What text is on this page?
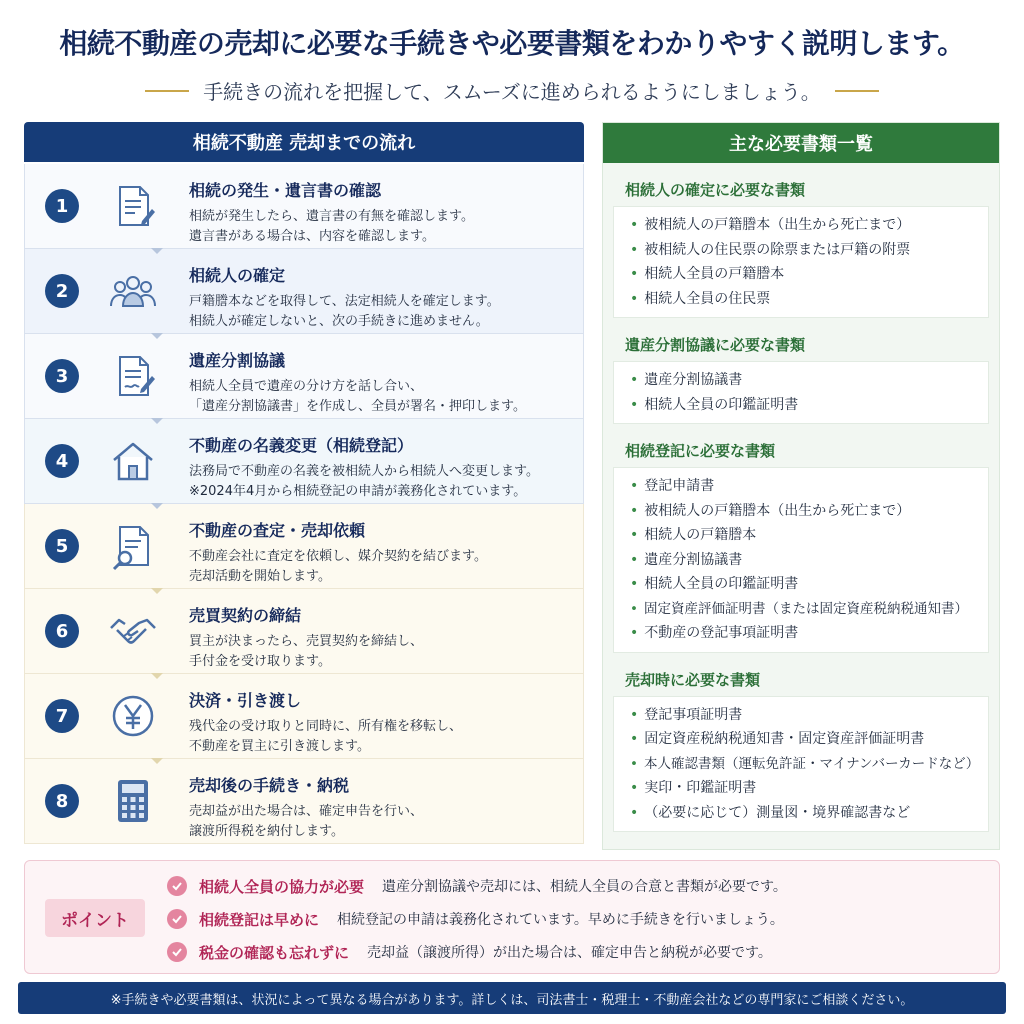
相続不動産の売却に必要な手続きや必要書類をわかりやすく説明します。
手続きの流れを把握して、スムーズに進められるようにしましょう。
相続不動産 売却までの流れ
1
相続の発生・遺言書の確認
相続が発生したら、遺言書の有無を確認します。
遺言書がある場合は、内容を確認します。
2
相続人の確定
戸籍謄本などを取得して、法定相続人を確定します。
相続人が確定しないと、次の手続きに進めません。
3
遺産分割協議
相続人全員で遺産の分け方を話し合い、
「遺産分割協議書」を作成し、全員が署名・押印します。
4
不動産の名義変更（相続登記）
法務局で不動産の名義を被相続人から相続人へ変更します。
※2024年4月から相続登記の申請が義務化されています。
5
不動産の査定・売却依頼
不動産会社に査定を依頼し、媒介契約を結びます。
売却活動を開始します。
6
売買契約の締結
買主が決まったら、売買契約を締結し、
手付金を受け取ります。
7
決済・引き渡し
残代金の受け取りと同時に、所有権を移転し、
不動産を買主に引き渡します。
8
売却後の手続き・納税
売却益が出た場合は、確定申告を行い、
譲渡所得税を納付します。
主な必要書類一覧
相続人の確定に必要な書類
• 被相続人の戸籍謄本（出生から死亡まで）
• 被相続人の住民票の除票または戸籍の附票
• 相続人全員の戸籍謄本
• 相続人全員の住民票
遺産分割協議に必要な書類
• 遺産分割協議書
• 相続人全員の印鑑証明書
相続登記に必要な書類
• 登記申請書
• 被相続人の戸籍謄本（出生から死亡まで）
• 相続人の戸籍謄本
• 遺産分割協議書
• 相続人全員の印鑑証明書
• 固定資産評価証明書（または固定資産税納税通知書）
• 不動産の登記事項証明書
売却時に必要な書類
• 登記事項証明書
• 固定資産税納税通知書・固定資産評価証明書
• 本人確認書類（運転免許証・マイナンバーカードなど）
• 実印・印鑑証明書
• （必要に応じて）測量図・境界確認書など
ポイント
相続人全員の協力が必要 遺産分割協議や売却には、相続人全員の合意と書類が必要です。
相続登記は早めに 相続登記の申請は義務化されています。早めに手続きを行いましょう。
税金の確認も忘れずに 売却益（譲渡所得）が出た場合は、確定申告と納税が必要です。
※手続きや必要書類は、状況によって異なる場合があります。詳しくは、司法書士・税理士・不動産会社などの専門家にご相談ください。
